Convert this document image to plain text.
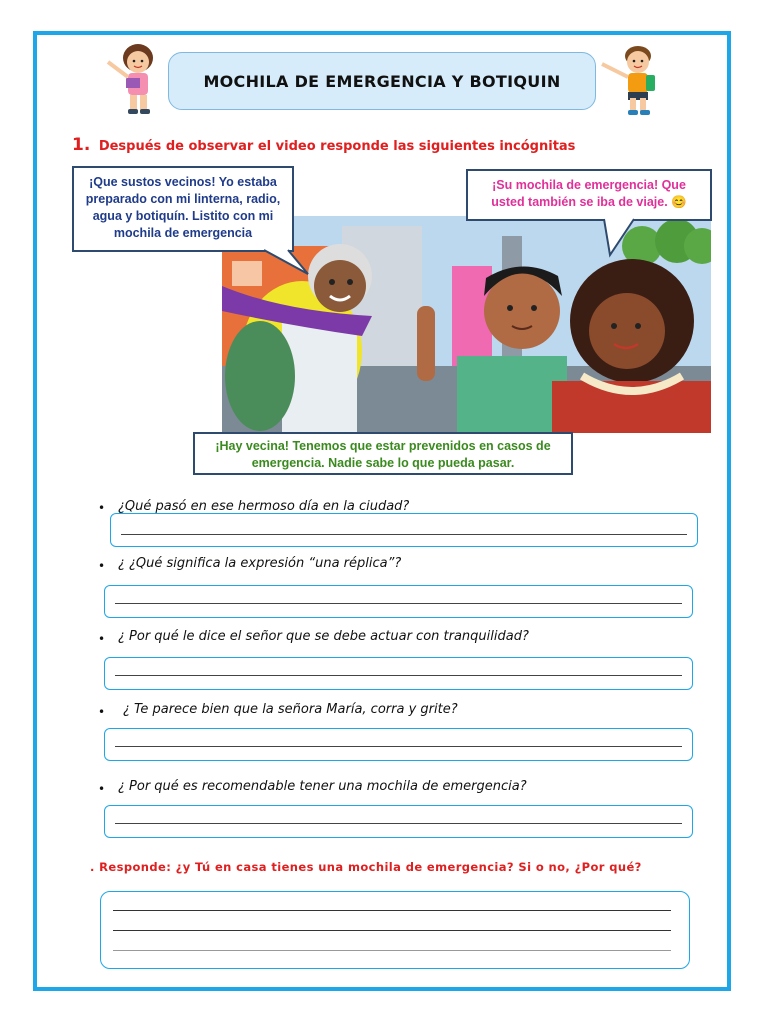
MOCHILA DE EMERGENCIA Y BOTIQUIN
1. Después de observar el video responde las siguientes incógnitas
¡Que sustos vecinos! Yo estaba preparado con mi linterna, radio, agua y botiquín. Listito con mi mochila de emergencia
¡Su mochila de emergencia! Que usted también se iba de viaje. 😊
¡Hay vecina! Tenemos que estar prevenidos en casos de emergencia. Nadie sabe lo que pueda pasar.
• ¿Qué pasó en ese hermoso día en la ciudad?
• ¿ ¿Qué significa la expresión “una réplica”?
• ¿ Por qué le dice el señor que se debe actuar con tranquilidad?
• ¿ Te parece bien que la señora María, corra y grite?
• ¿ Por qué es recomendable tener una mochila de emergencia?
. Responde: ¿y Tú en casa tienes una mochila de emergencia? Si o no, ¿Por qué?
